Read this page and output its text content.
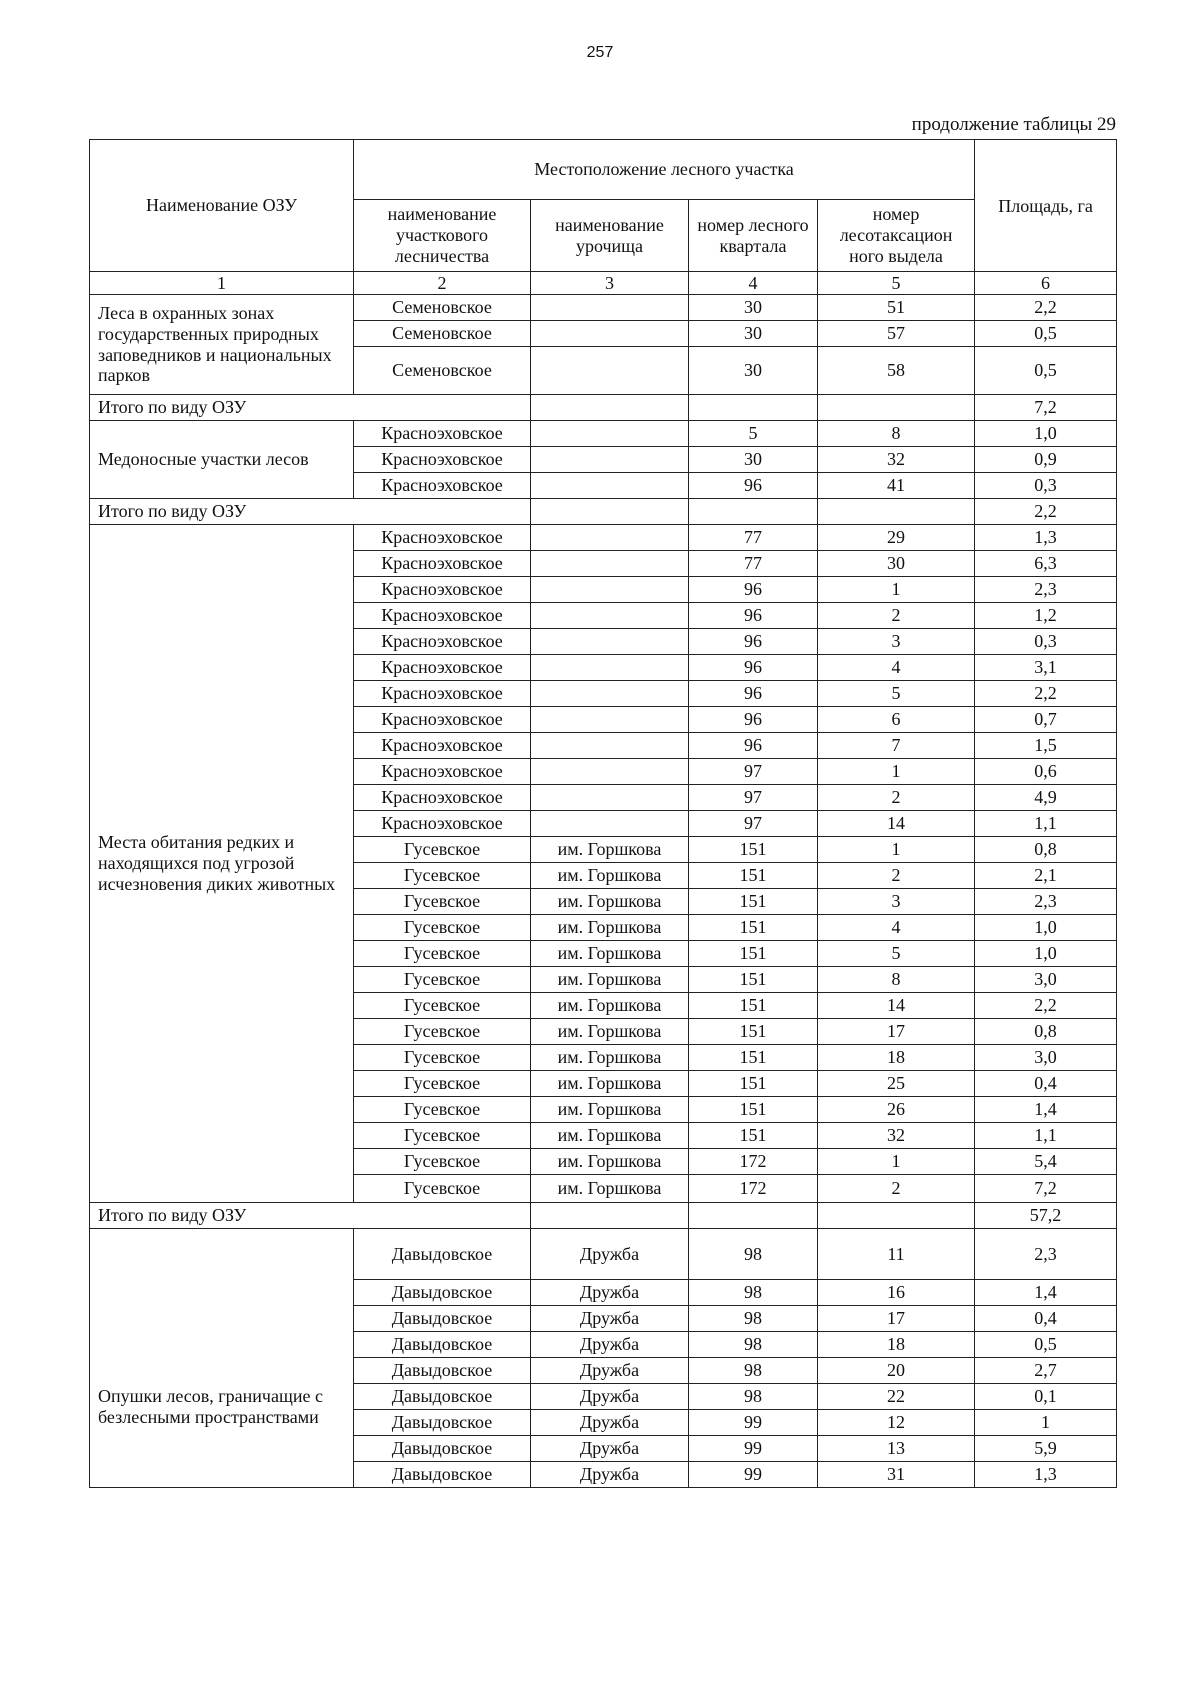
257
продолжение таблицы 29
Наименование ОЗУ	Местоположение лесного участка				Площадь, га
	наименование участкового лесничества	наименование урочища	номер лесного квартала	номер лесотаксацион ного выдела	
1	2	3	4	5	6
Леса в охранных зонах государственных природных заповедников и национальных парков	Семеновское		30	51	2,2
	Семеновское		30	57	0,5
	Семеновское		30	58	0,5
Итого по виду ОЗУ					7,2
Медоносные участки лесов	Красноэховское		5	8	1,0
	Красноэховское		30	32	0,9
	Красноэховское		96	41	0,3
Итого по виду ОЗУ					2,2
Места обитания редких и находящихся под угрозой исчезновения диких животных	Красноэховское		77	29	1,3
	Красноэховское		77	30	6,3
	Красноэховское		96	1	2,3
	Красноэховское		96	2	1,2
	Красноэховское		96	3	0,3
	Красноэховское		96	4	3,1
	Красноэховское		96	5	2,2
	Красноэховское		96	6	0,7
	Красноэховское		96	7	1,5
	Красноэховское		97	1	0,6
	Красноэховское		97	2	4,9
	Красноэховское		97	14	1,1
	Гусевское	им. Горшкова	151	1	0,8
	Гусевское	им. Горшкова	151	2	2,1
	Гусевское	им. Горшкова	151	3	2,3
	Гусевское	им. Горшкова	151	4	1,0
	Гусевское	им. Горшкова	151	5	1,0
	Гусевское	им. Горшкова	151	8	3,0
	Гусевское	им. Горшкова	151	14	2,2
	Гусевское	им. Горшкова	151	17	0,8
	Гусевское	им. Горшкова	151	18	3,0
	Гусевское	им. Горшкова	151	25	0,4
	Гусевское	им. Горшкова	151	26	1,4
	Гусевское	им. Горшкова	151	32	1,1
	Гусевское	им. Горшкова	172	1	5,4
	Гусевское	им. Горшкова	172	2	7,2
Итого по виду ОЗУ					57,2
Опушки лесов, граничащие с безлесными пространствами	Давыдовское	Дружба	98	11	2,3
	Давыдовское	Дружба	98	16	1,4
	Давыдовское	Дружба	98	17	0,4
	Давыдовское	Дружба	98	18	0,5
	Давыдовское	Дружба	98	20	2,7
	Давыдовское	Дружба	98	22	0,1
	Давыдовское	Дружба	99	12	1
	Давыдовское	Дружба	99	13	5,9
	Давыдовское	Дружба	99	31	1,3
